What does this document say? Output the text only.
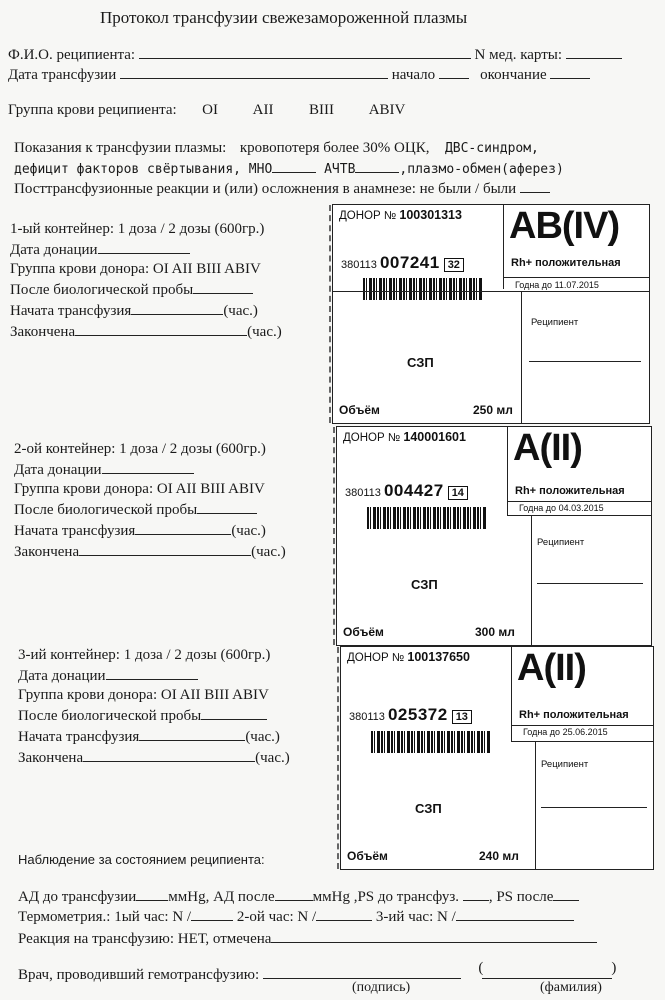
Протокол трансфузии свежезамороженной плазмы
Ф.И.О. реципиента:	N мед. карты:
Дата трансфузии	начало	окончание
Группа крови реципиента: OI AII BIII ABIV
Показания к трансфузии плазмы: кровопотеря более 30% ОЦК, ДВС-синдром,
дефицит факторов свёртывания, МНО	АЧТВ	,плазмо-обмен(аферез)
Посттрансфузионные реакции и (или) осложнения в анамнезе: не были / были
1-ый контейнер: 1 доза / 2 дозы (600гр.)
Дата донации
Группа крови донора: OI AII BIII ABIV
После биологической пробы
Начата трансфузия	(час.)
Закончена	(час.)
2-ой контейнер: 1 доза / 2 дозы (600гр.)
Дата донации
Группа крови донора: OI AII BIII ABIV
После биологической пробы
Начата трансфузия	(час.)
Закончена	(час.)
3-ий контейнер: 1 доза / 2 дозы (600гр.)
Дата донации
Группа крови донора: OI AII BIII ABIV
После биологической пробы
Начата трансфузия	(час.)
Закончена	(час.)
ДОНОР № 100301313 AB(IV)
Rh+ положительная
380113 007241 32
Годна до 11.07.2015
Реципиент
СЗП
Объём	250 мл
ДОНОР № 140001601 A(II)
Rh+ положительная
380113 004427 14
Годна до 04.03.2015
Реципиент
СЗП
Объём	300 мл
ДОНОР № 100137650 A(II)
Rh+ положительная
380113 025372 13
Годна до 25.06.2015
Реципиент
СЗП
Объём	240 мл
Наблюдение за состоянием реципиента:
АД до трансфузии ммHg, АД после	ммHg ,PS до трансфуз. , PS после
Термометрия.: 1ый час: N /	2-ой час: N /	3-ий час: N /
Реакция на трансфузию: НЕТ, отмечена
Врач, проводивший гемотрансфузию:	(	)
(подпись)	(фамилия)
